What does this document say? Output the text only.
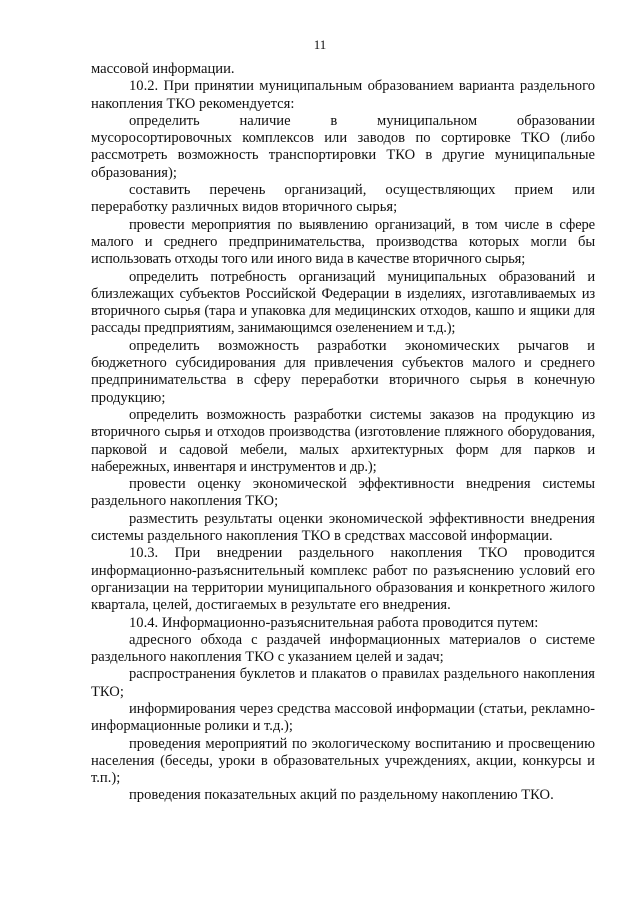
11

массовой информации.

10.2. При принятии муниципальным образованием варианта раздельного накопления ТКО рекомендуется:

определить наличие в муниципальном образовании мусоросортировочных комплексов или заводов по сортировке ТКО (либо рассмотреть возможность транспортировки ТКО в другие муниципальные образования);

составить перечень организаций, осуществляющих прием или переработку различных видов вторичного сырья;

провести мероприятия по выявлению организаций, в том числе в сфере малого и среднего предпринимательства, производства которых могли бы использовать отходы того или иного вида в качестве вторичного сырья;

определить потребность организаций муниципальных образований и близлежащих субъектов Российской Федерации в изделиях, изготавливаемых из вторичного сырья (тара и упаковка для медицинских отходов, кашпо и ящики для рассады предприятиям, занимающимся озеленением и т.д.);

определить возможность разработки экономических рычагов и бюджетного субсидирования для привлечения субъектов малого и среднего предпринимательства в сферу переработки вторичного сырья в конечную продукцию;

определить возможность разработки системы заказов на продукцию из вторичного сырья и отходов производства (изготовление пляжного оборудования, парковой и садовой мебели, малых архитектурных форм для парков и набережных, инвентаря и инструментов и др.);

провести оценку экономической эффективности внедрения системы раздельного накопления ТКО;

разместить результаты оценки экономической эффективности внедрения системы раздельного накопления ТКО в средствах массовой информации.

10.3. При внедрении раздельного накопления ТКО проводится информационно-разъяснительный комплекс работ по разъяснению условий его организации на территории муниципального образования и конкретного жилого квартала, целей, достигаемых в результате его внедрения.

10.4. Информационно-разъяснительная работа проводится путем:

адресного обхода с раздачей информационных материалов о системе раздельного накопления ТКО с указанием целей и задач;

распространения буклетов и плакатов о правилах раздельного накопления ТКО;

информирования через средства массовой информации (статьи, рекламно-информационные ролики и т.д.);

проведения мероприятий по экологическому воспитанию и просвещению населения (беседы, уроки в образовательных учреждениях, акции, конкурсы и т.п.);

проведения показательных акций по раздельному накоплению ТКО.
